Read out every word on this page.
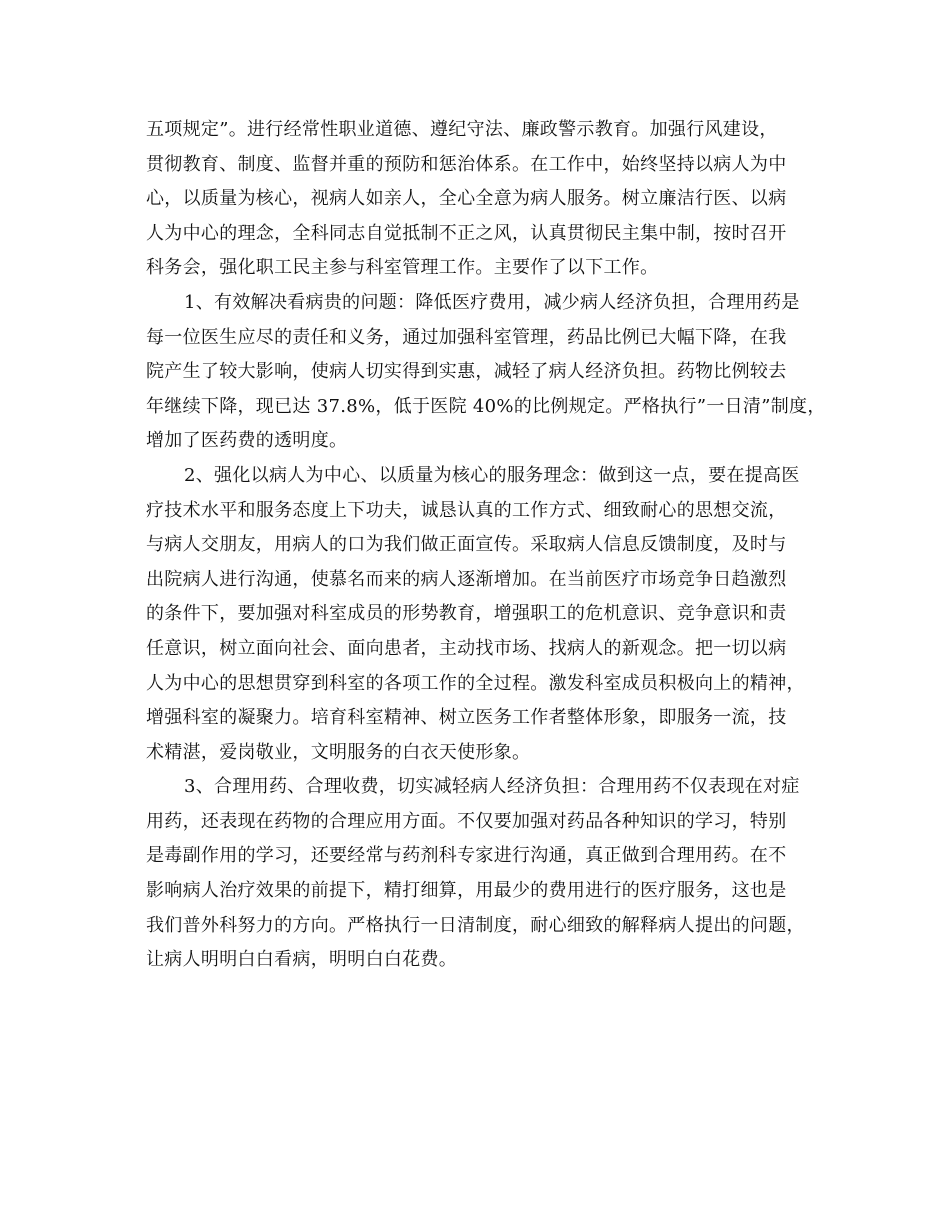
五项规定”。进行经常性职业道德、遵纪守法、廉政警示教育。加强行风建设，
贯彻教育、制度、监督并重的预防和惩治体系。在工作中，始终坚持以病人为中
心，以质量为核心，视病人如亲人，全心全意为病人服务。树立廉洁行医、以病
人为中心的理念，全科同志自觉抵制不正之风，认真贯彻民主集中制，按时召开
科务会，强化职工民主参与科室管理工作。主要作了以下工作。
1、有效解决看病贵的问题：降低医疗费用，减少病人经济负担，合理用药是
每一位医生应尽的责任和义务，通过加强科室管理，药品比例已大幅下降，在我
院产生了较大影响，使病人切实得到实惠，减轻了病人经济负担。药物比例较去
年继续下降，现已达 37.8%，低于医院 40%的比例规定。严格执行”一日清”制度，
增加了医药费的透明度。
2、强化以病人为中心、以质量为核心的服务理念：做到这一点，要在提高医
疗技术水平和服务态度上下功夫，诚恳认真的工作方式、细致耐心的思想交流，
与病人交朋友，用病人的口为我们做正面宣传。采取病人信息反馈制度，及时与
出院病人进行沟通，使慕名而来的病人逐渐增加。在当前医疗市场竞争日趋激烈
的条件下，要加强对科室成员的形势教育，增强职工的危机意识、竞争意识和责
任意识，树立面向社会、面向患者，主动找市场、找病人的新观念。把一切以病
人为中心的思想贯穿到科室的各项工作的全过程。激发科室成员积极向上的精神，
增强科室的凝聚力。培育科室精神、树立医务工作者整体形象，即服务一流，技
术精湛，爱岗敬业，文明服务的白衣天使形象。
3、合理用药、合理收费，切实减轻病人经济负担：合理用药不仅表现在对症
用药，还表现在药物的合理应用方面。不仅要加强对药品各种知识的学习，特别
是毒副作用的学习，还要经常与药剂科专家进行沟通，真正做到合理用药。在不
影响病人治疗效果的前提下，精打细算，用最少的费用进行的医疗服务，这也是
我们普外科努力的方向。严格执行一日清制度，耐心细致的解释病人提出的问题，
让病人明明白白看病，明明白白花费。
